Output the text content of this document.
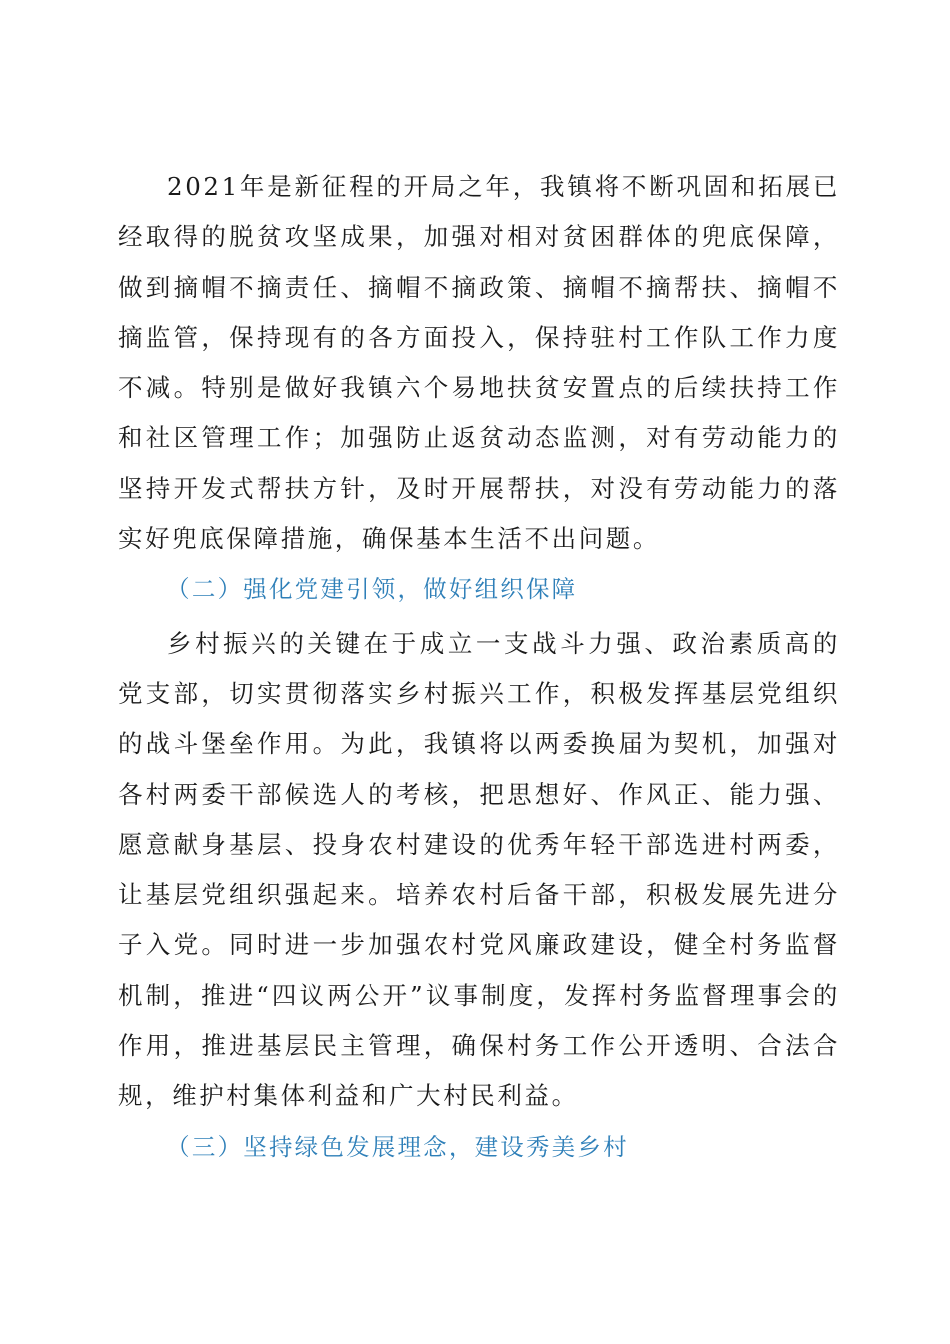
2021年是新征程的开局之年，我镇将不断巩固和拓展已经取得的脱贫攻坚成果，加强对相对贫困群体的兜底保障，做到摘帽不摘责任、摘帽不摘政策、摘帽不摘帮扶、摘帽不摘监管，保持现有的各方面投入，保持驻村工作队工作力度不减。特别是做好我镇六个易地扶贫安置点的后续扶持工作和社区管理工作；加强防止返贫动态监测，对有劳动能力的坚持开发式帮扶方针，及时开展帮扶，对没有劳动能力的落实好兜底保障措施，确保基本生活不出问题。

（二）强化党建引领，做好组织保障

乡村振兴的关键在于成立一支战斗力强、政治素质高的党支部，切实贯彻落实乡村振兴工作，积极发挥基层党组织的战斗堡垒作用。为此，我镇将以两委换届为契机，加强对各村两委干部候选人的考核，把思想好、作风正、能力强、愿意献身基层、投身农村建设的优秀年轻干部选进村两委，让基层党组织强起来。培养农村后备干部，积极发展先进分子入党。同时进一步加强农村党风廉政建设，健全村务监督机制，推进“四议两公开”议事制度，发挥村务监督理事会的作用，推进基层民主管理，确保村务工作公开透明、合法合规，维护村集体利益和广大村民利益。

（三）坚持绿色发展理念，建设秀美乡村
